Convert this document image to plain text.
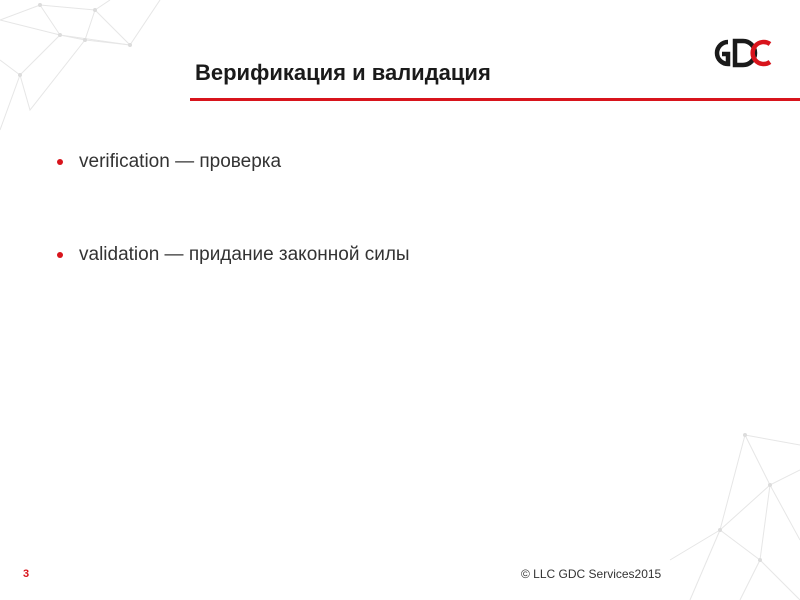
Верификация и валидация
verification — проверка
validation — придание законной силы
3	© LLC GDC Services2015
